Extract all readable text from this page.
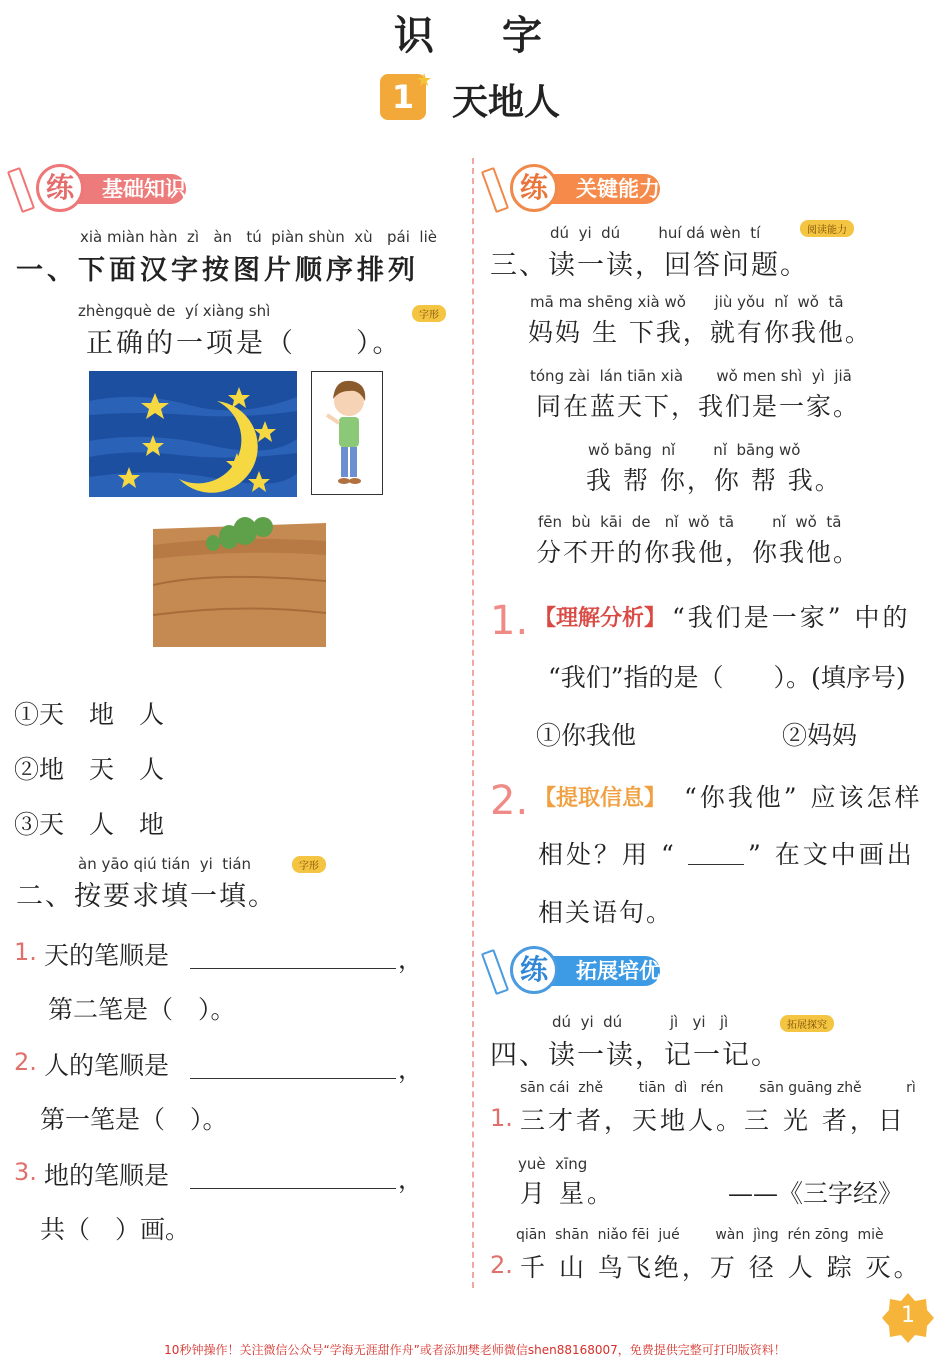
识　字
1 ★
天地人
基础知识
练
xià miàn hàn  zì   àn   tú  piàn shùn  xù   pái  liè
一、下面汉字按图片顺序排列
zhèngquè de  yí xiàng shì
正确的一项是（　　）。
字形
①天　地　人
②地　天　人
③天　人　地
àn yāo qiú tián  yi  tián	字形
二、按要求填一填。
1. 天的笔顺是	，
第二笔是（　）。
2. 人的笔顺是	，
第一笔是（　）。
3. 地的笔顺是	，
共（　）画。
关键能力
练
dú  yi  dú        huí dá wèn  tí	阅读能力
三、读一读，回答问题。
mā ma shēng xià wǒ      jiù yǒu  nǐ  wǒ  tā
妈妈 生 下我，就有你我他。
tóng zài  lán tiān xià       wǒ men shì  yì  jiā
同在蓝天下，我们是一家。
wǒ bāng  nǐ        nǐ  bāng wǒ
我 帮 你，你 帮 我。
fēn  bù  kāi  de   nǐ  wǒ  tā        nǐ  wǒ  tā
分不开的你我他，你我他。
1. 【理解分析】 “我们是一家” 中的
“我们”指的是（　　）。(填序号)
①你我他	②妈妈
2. 【提取信息】 “你我他” 应该怎样
相处？用 “	” 在文中画出
相关语句。
拓展培优
练
dú  yi  dú          jì   yi   jì	拓展探究
四、读一读，记一记。
sān cái  zhě        tiān  dì   rén        sān guāng zhě          rì
1. 三才者，天地人。三 光 者，日
yuè  xīng
月 星。	——《三字经》
qiān  shān  niǎo fēi  jué        wàn  jìng  rén zōng  miè
2. 千 山 鸟飞绝，万 径 人 踪 灭。
1
10秒钟操作！关注微信公众号“学海无涯甜作舟”或者添加樊老师微信shen88168007，免费提供完整可打印版资料！
